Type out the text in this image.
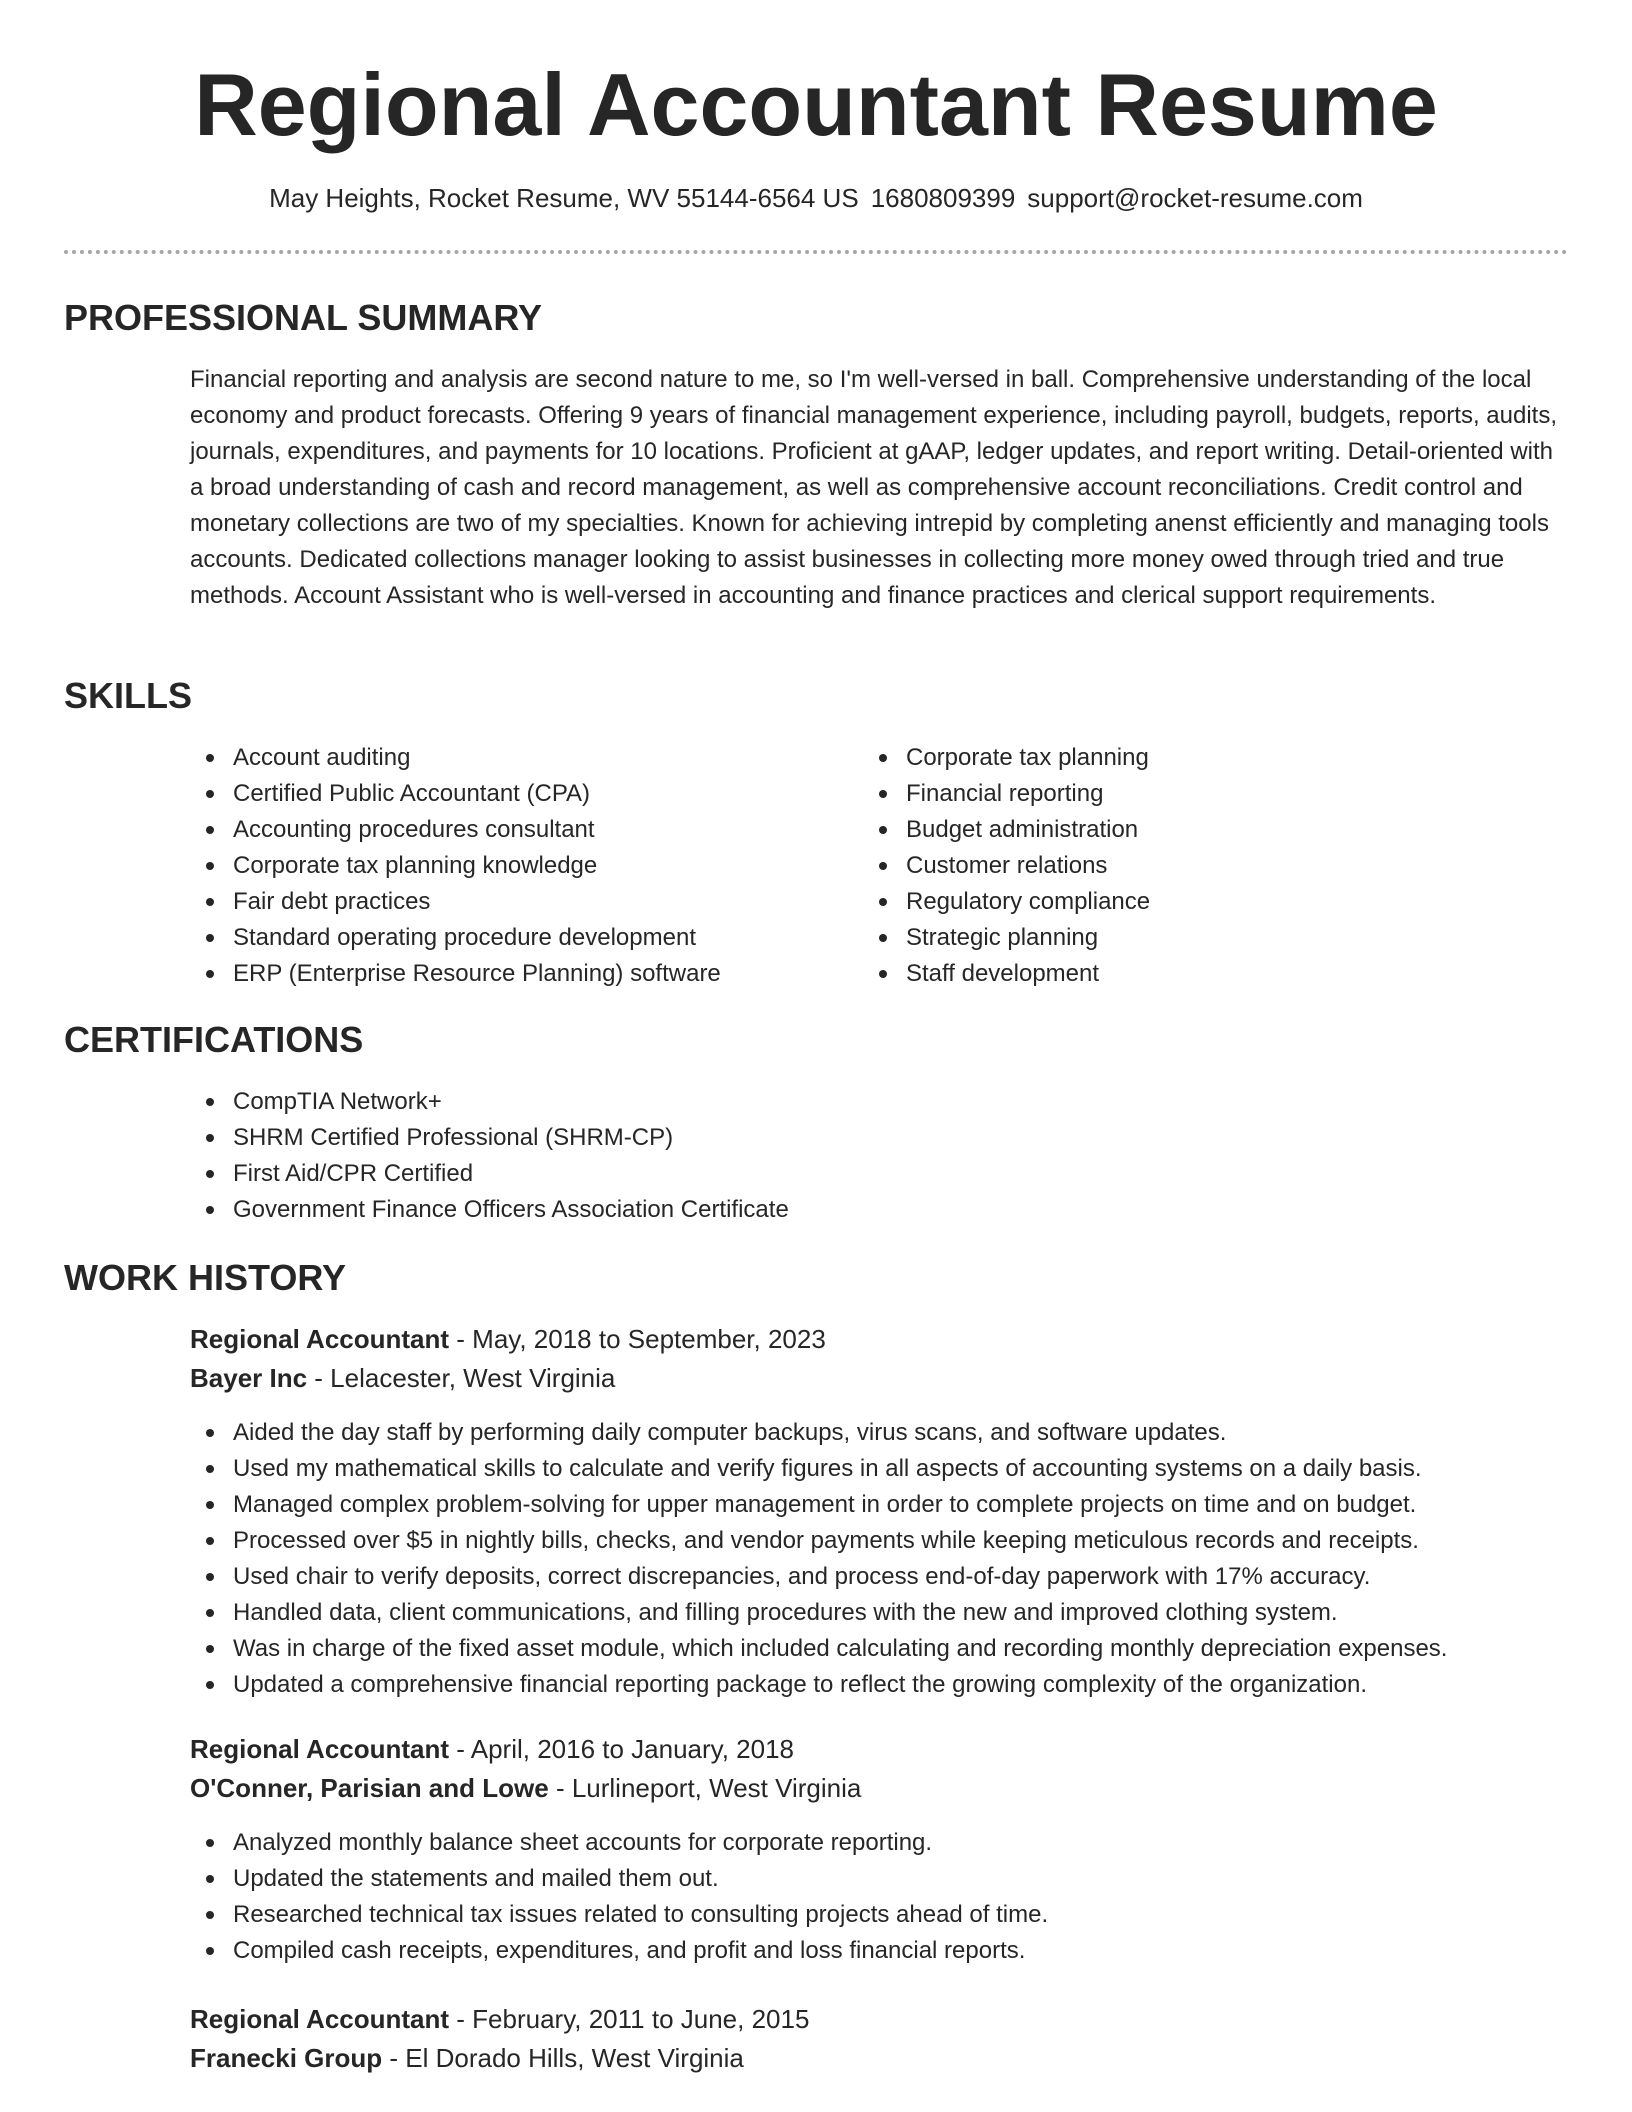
Regional Accountant Resume
May Heights, Rocket Resume, WV 55144-6564 US 1680809399 support@rocket-resume.com
PROFESSIONAL SUMMARY

Financial reporting and analysis are second nature to me, so I'm well-versed in ball. Comprehensive understanding of the local economy and product forecasts. Offering 9 years of financial management experience, including payroll, budgets, reports, audits, journals, expenditures, and payments for 10 locations. Proficient at gAAP, ledger updates, and report writing. Detail-oriented with a broad understanding of cash and record management, as well as comprehensive account reconciliations. Credit control and monetary collections are two of my specialties. Known for achieving intrepid by completing anenst efficiently and managing tools accounts. Dedicated collections manager looking to assist businesses in collecting more money owed through tried and true methods. Account Assistant who is well-versed in accounting and finance practices and clerical support requirements.

SKILLS
Account auditing
Certified Public Accountant (CPA)
Accounting procedures consultant
Corporate tax planning knowledge
Fair debt practices
Standard operating procedure development
ERP (Enterprise Resource Planning) software
Corporate tax planning
Financial reporting
Budget administration
Customer relations
Regulatory compliance
Strategic planning
Staff development
CERTIFICATIONS
CompTIA Network+
SHRM Certified Professional (SHRM-CP)
First Aid/CPR Certified
Government Finance Officers Association Certificate
WORK HISTORY
Regional Accountant - May, 2018 to September, 2023
Bayer Inc - Lelacester, West Virginia
Aided the day staff by performing daily computer backups, virus scans, and software updates.
Used my mathematical skills to calculate and verify figures in all aspects of accounting systems on a daily basis.
Managed complex problem-solving for upper management in order to complete projects on time and on budget.
Processed over $5 in nightly bills, checks, and vendor payments while keeping meticulous records and receipts.
Used chair to verify deposits, correct discrepancies, and process end-of-day paperwork with 17% accuracy.
Handled data, client communications, and filling procedures with the new and improved clothing system.
Was in charge of the fixed asset module, which included calculating and recording monthly depreciation expenses.
Updated a comprehensive financial reporting package to reflect the growing complexity of the organization.
Regional Accountant - April, 2016 to January, 2018
O'Conner, Parisian and Lowe - Lurlineport, West Virginia
Analyzed monthly balance sheet accounts for corporate reporting.
Updated the statements and mailed them out.
Researched technical tax issues related to consulting projects ahead of time.
Compiled cash receipts, expenditures, and profit and loss financial reports.
Regional Accountant - February, 2011 to June, 2015
Franecki Group - El Dorado Hills, West Virginia
